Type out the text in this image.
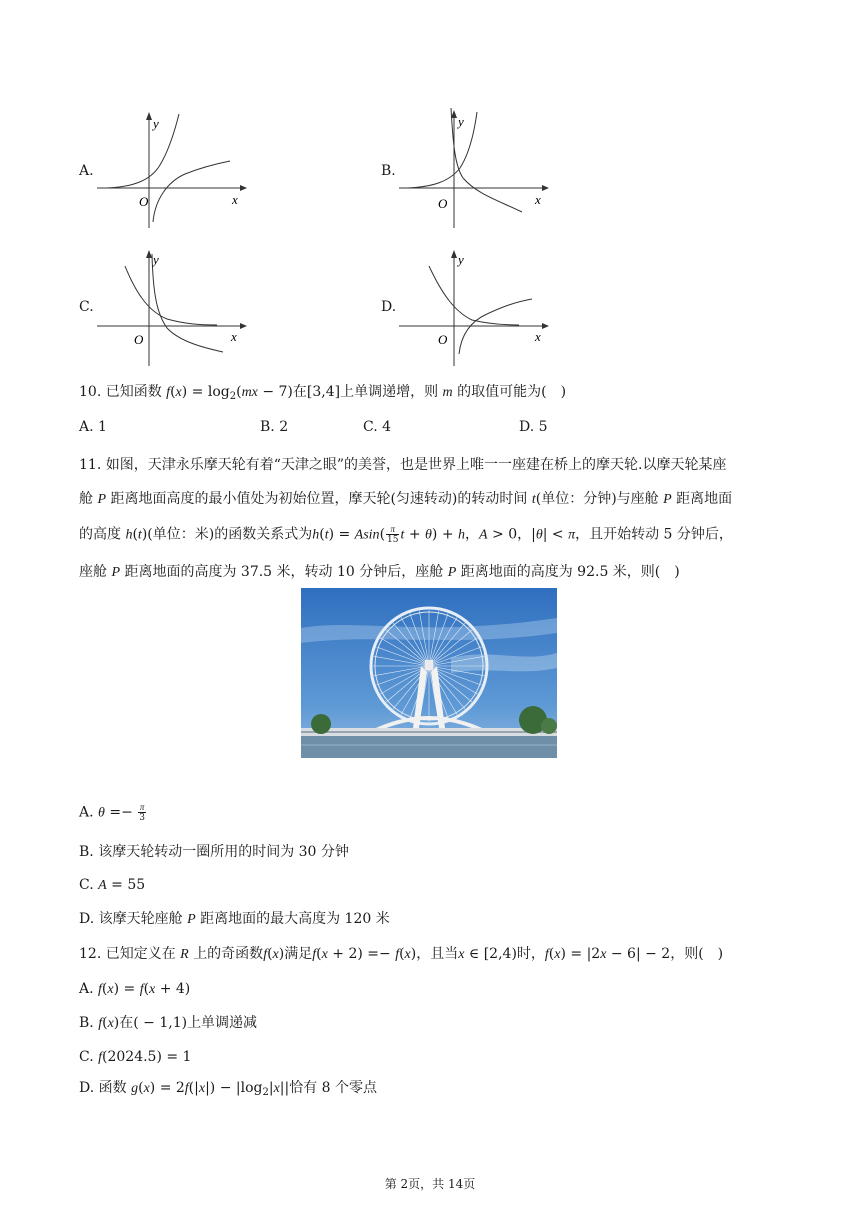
A.
O	x
y
B.
O	x
y
C.
O	x
y
D.
O	x
y
10. 已知函数 $f(x) = \log_2(mx - 7)$在[3,4]上单调递增，则 m 的取值可能为(　)
A. 1	B. 2	C. 4	D. 5
11. 如图，天津永乐摩天轮有着“天津之眼”的美誉，也是世界上唯一一座建在桥上的摩天轮.以摩天轮某座
舱 P 距离地面高度的最小值处为初始位置，摩天轮(匀速转动)的转动时间 t(单位：分钟)与座舱 P 距离地面
的高度 h(t)(单位：米)的函数关系式为$h(t) = Asin( \frac{\pi}{15}$ t + θ) + h，A > 0，|θ| < π，且开始转动 5 分钟后，
座舱 P 距离地面的高度为 37.5 米，转动 10 分钟后，座舱 P 距离地面的高度为 92.5 米，则(　)
A. $\theta =- \frac{\pi}{3}$
B. 该摩天轮转动一圈所用的时间为 30 分钟
C. A = 55
D. 该摩天轮座舱 P 距离地面的最大高度为 120 米
12. 已知定义在 R 上的奇函数f(x)满足f(x + 2) =− f(x)，且当x ∈ [2,4)时，f(x) = |2x − 6| − 2，则(　)
A. f(x) = f(x + 4)
B. f(x)在( − 1,1)上单调递减
C. f(2024.5) = 1
D. 函数 $g(x) = 2f(|x|) - |\log_2|x||$恰有 8 个零点
第 2页，共 14页
